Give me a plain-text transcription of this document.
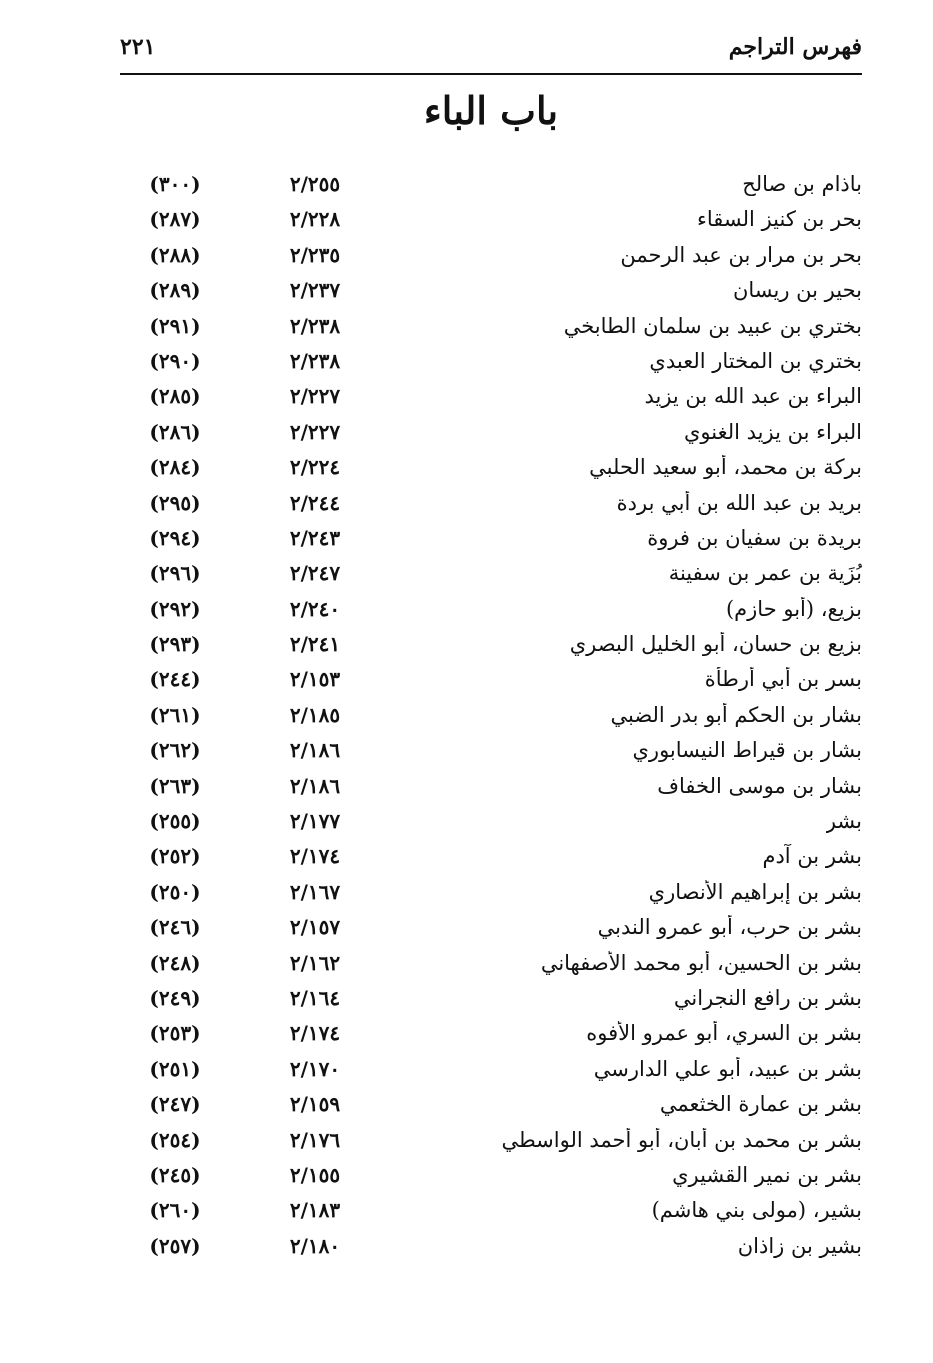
فهرس التراجم
٢٢١
باب الباء
باذام بن صالح
٢/٢٥٥
(٣٠٠)
بحر بن كنيز السقاء
٢/٢٢٨
(٢٨٧)
بحر بن مرار بن عبد الرحمن
٢/٢٣٥
(٢٨٨)
بحير بن ريسان
٢/٢٣٧
(٢٨٩)
بختري بن عبيد بن سلمان الطابخي
٢/٢٣٨
(٢٩١)
بختري بن المختار العبدي
٢/٢٣٨
(٢٩٠)
البراء بن عبد الله بن يزيد
٢/٢٢٧
(٢٨٥)
البراء بن يزيد الغنوي
٢/٢٢٧
(٢٨٦)
بركة بن محمد، أبو سعيد الحلبي
٢/٢٢٤
(٢٨٤)
بريد بن عبد الله بن أبي بردة
٢/٢٤٤
(٢٩٥)
بريدة بن سفيان بن فروة
٢/٢٤٣
(٢٩٤)
بُزَية بن عمر بن سفينة
٢/٢٤٧
(٢٩٦)
بزيع، (أبو حازم)
٢/٢٤٠
(٢٩٢)
بزيع بن حسان، أبو الخليل البصري
٢/٢٤١
(٢٩٣)
بسر بن أبي أرطأة
٢/١٥٣
(٢٤٤)
بشار بن الحكم أبو بدر الضبي
٢/١٨٥
(٢٦١)
بشار بن قيراط النيسابوري
٢/١٨٦
(٢٦٢)
بشار بن موسى الخفاف
٢/١٨٦
(٢٦٣)
بشر
٢/١٧٧
(٢٥٥)
بشر بن آدم
٢/١٧٤
(٢٥٢)
بشر بن إبراهيم الأنصاري
٢/١٦٧
(٢٥٠)
بشر بن حرب، أبو عمرو الندبي
٢/١٥٧
(٢٤٦)
بشر بن الحسين، أبو محمد الأصفهاني
٢/١٦٢
(٢٤٨)
بشر بن رافع النجراني
٢/١٦٤
(٢٤٩)
بشر بن السري، أبو عمرو الأفوه
٢/١٧٤
(٢٥٣)
بشر بن عبيد، أبو علي الدارسي
٢/١٧٠
(٢٥١)
بشر بن عمارة الخثعمي
٢/١٥٩
(٢٤٧)
بشر بن محمد بن أبان، أبو أحمد الواسطي
٢/١٧٦
(٢٥٤)
بشر بن نمير القشيري
٢/١٥٥
(٢٤٥)
بشير، (مولى بني هاشم)
٢/١٨٣
(٢٦٠)
بشير بن زاذان
٢/١٨٠
(٢٥٧)
